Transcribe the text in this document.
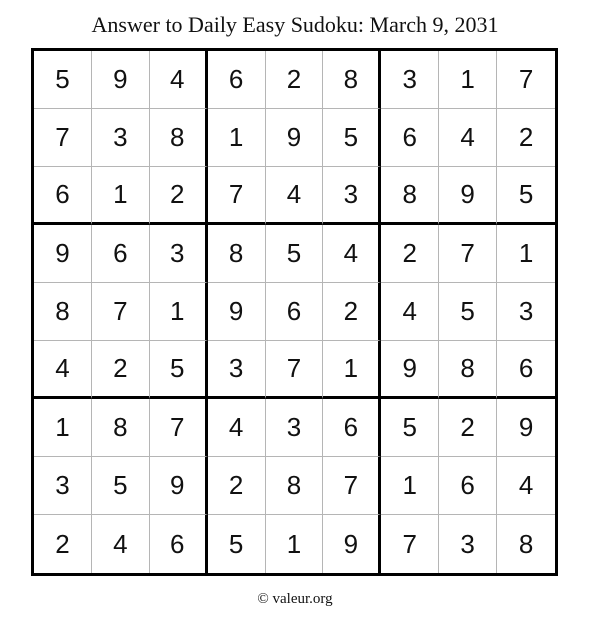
Answer to Daily Easy Sudoku: March 9, 2031
5	9	4	6	2	8	3	1	7
7	3	8	1	9	5	6	4	2
6	1	2	7	4	3	8	9	5
9	6	3	8	5	4	2	7	1
8	7	1	9	6	2	4	5	3
4	2	5	3	7	1	9	8	6
1	8	7	4	3	6	5	2	9
3	5	9	2	8	7	1	6	4
2	4	6	5	1	9	7	3	8
© valeur.org
